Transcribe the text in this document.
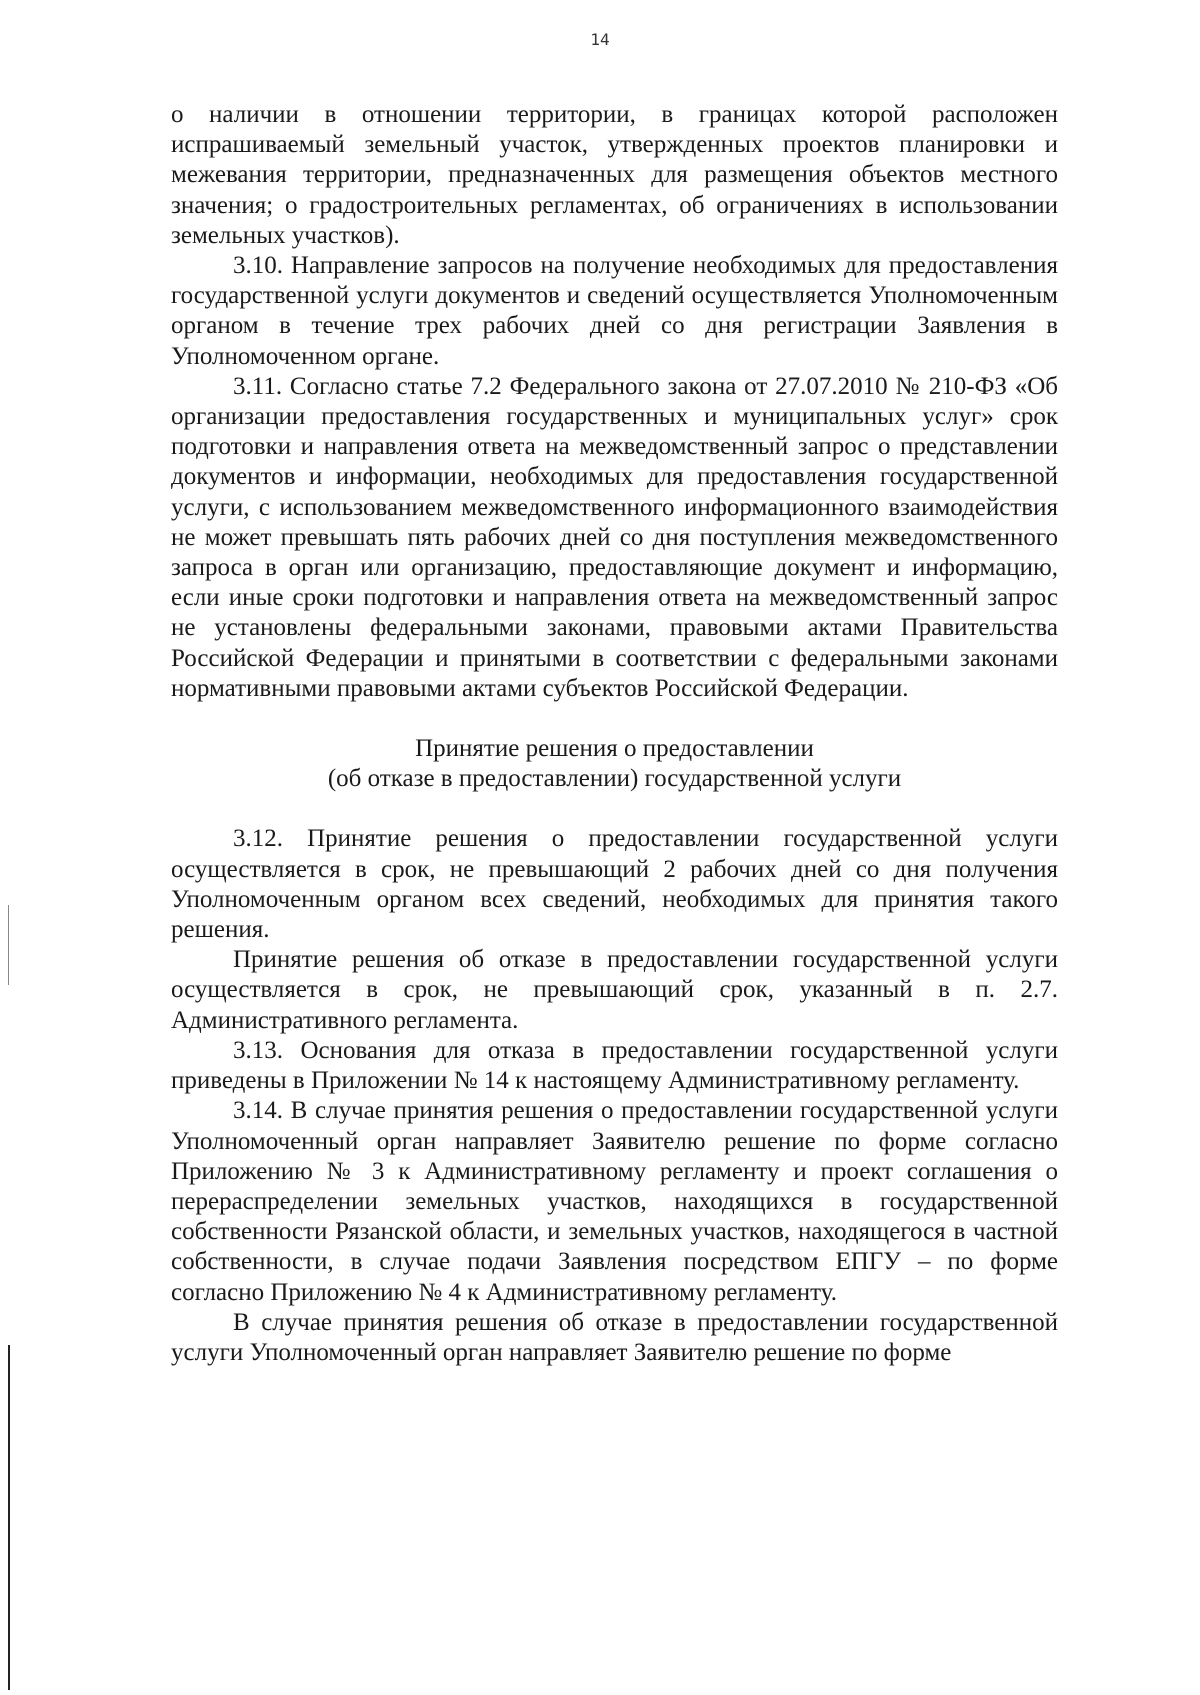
14

о наличии в отношении территории, в границах которой расположен испрашиваемый земельный участок, утвержденных проектов планировки и межевания территории, предназначенных для размещения объектов местного значения; о градостроительных регламентах, об ограничениях в использовании земельных участков).

3.10. Направление запросов на получение необходимых для предоставления государственной услуги документов и сведений осуществляется Уполномоченным органом в течение трех рабочих дней со дня регистрации Заявления в Уполномоченном органе.

3.11. Согласно статье 7.2 Федерального закона от 27.07.2010 № 210-ФЗ «Об организации предоставления государственных и муниципальных услуг» срок подготовки и направления ответа на межведомственный запрос о представлении документов и информации, необходимых для предоставления государственной услуги, с использованием межведомственного информационного взаимодействия не может превышать пять рабочих дней со дня поступления межведомственного запроса в орган или организацию, предоставляющие документ и информацию, если иные сроки подготовки и направления ответа на межведомственный запрос не установлены федеральными законами, правовыми актами Правительства Российской Федерации и принятыми в соответствии с федеральными законами нормативными правовыми актами субъектов Российской Федерации.

Принятие решения о предоставлении
(об отказе в предоставлении) государственной услуги

3.12. Принятие решения о предоставлении государственной услуги осуществляется в срок, не превышающий 2 рабочих дней со дня получения Уполномоченным органом всех сведений, необходимых для принятия такого решения.

Принятие решения об отказе в предоставлении государственной услуги осуществляется в срок, не превышающий срок, указанный в п. 2.7. Административного регламента.

3.13. Основания для отказа в предоставлении государственной услуги приведены в Приложении № 14 к настоящему Административному регламенту.

3.14. В случае принятия решения о предоставлении государственной услуги Уполномоченный орган направляет Заявителю решение по форме согласно Приложению № 3 к Административному регламенту и проект соглашения о перераспределении земельных участков, находящихся в государственной собственности Рязанской области, и земельных участков, находящегося в частной собственности, в случае подачи Заявления посредством ЕПГУ – по форме согласно Приложению № 4 к Административному регламенту.

В случае принятия решения об отказе в предоставлении государственной услуги Уполномоченный орган направляет Заявителю решение по форме
